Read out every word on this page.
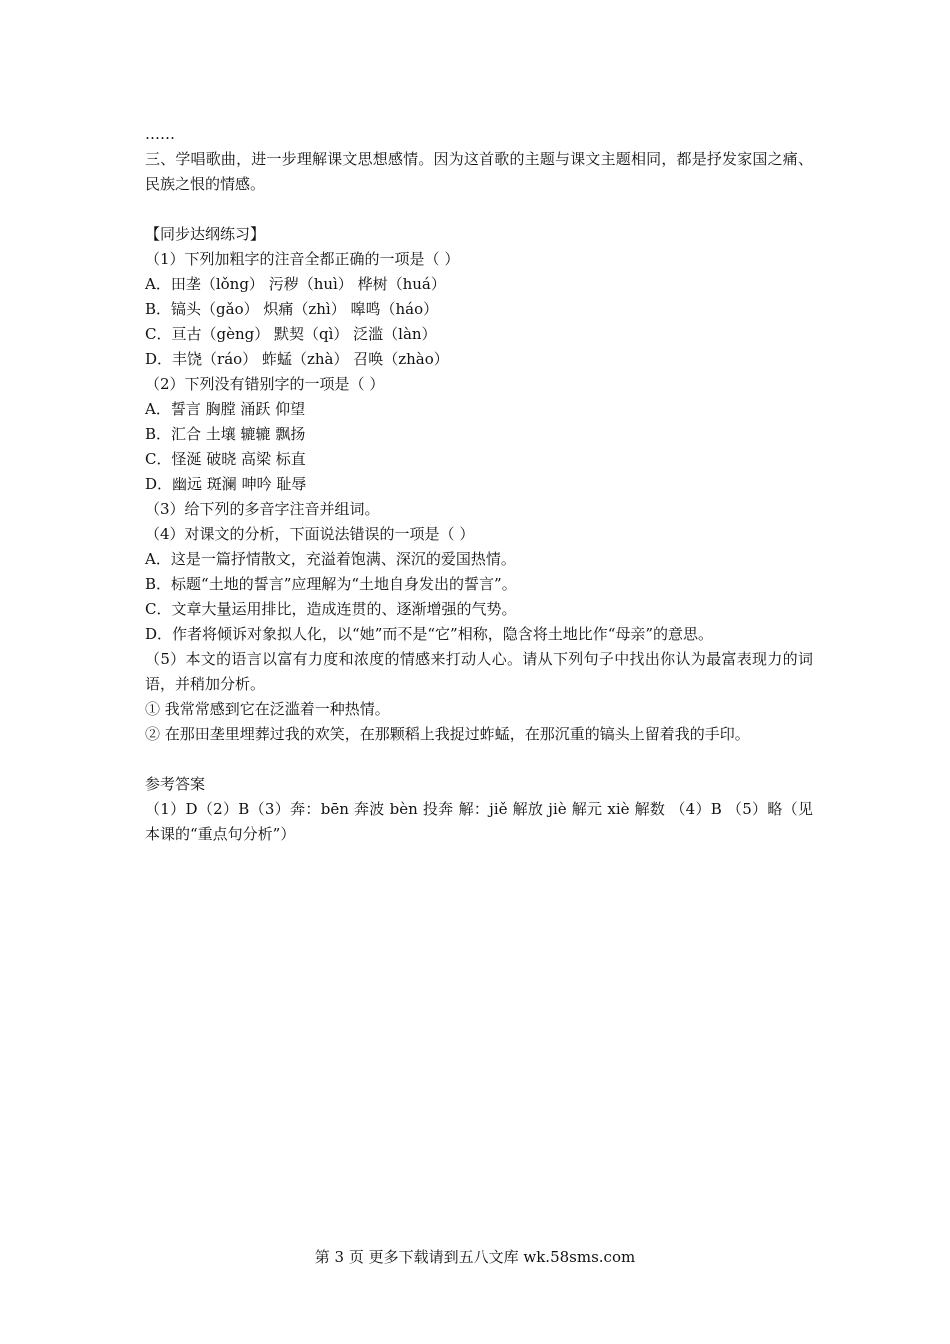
……
三、学唱歌曲，进一步理解课文思想感情。因为这首歌的主题与课文主题相同，都是抒发家国之痛、民族之恨的情感。
【同步达纲练习】
（1）下列加粗字的注音全都正确的一项是（ ）
A．田垄（lǒng） 污秽（huì） 桦树（huá）
B．镐头（gǎo） 炽痛（zhì） 嗥鸣（háo）
C．亘古（gèng） 默契（qì） 泛滥（làn）
D．丰饶（ráo） 蚱蜢（zhà） 召唤（zhào）
（2）下列没有错别字的一项是（ ）
A．誓言 胸膛 涌跃 仰望
B．汇合 土壤 辘辘 飘扬
C．怪涎 破晓 高梁 标直
D．幽远 斑澜 呻吟 耻辱
（3）给下列的多音字注音并组词。
（4）对课文的分析，下面说法错误的一项是（ ）
A．这是一篇抒情散文，充溢着饱满、深沉的爱国热情。
B．标题“土地的誓言”应理解为“土地自身发出的誓言”。
C．文章大量运用排比，造成连贯的、逐渐增强的气势。
D．作者将倾诉对象拟人化，以“她”而不是“它”相称，隐含将土地比作“母亲”的意思。
（5）本文的语言以富有力度和浓度的情感来打动人心。请从下列句子中找出你认为最富表现力的词语，并稍加分析。
① 我常常感到它在泛滥着一种热情。
② 在那田垄里埋葬过我的欢笑，在那颗稻上我捉过蚱蜢，在那沉重的镐头上留着我的手印。
参考答案
（1）D（2）B（3）奔：bēn 奔波 bèn 投奔 解：jiě 解放 jiè 解元 xiè 解数 （4）B （5）略（见本课的“重点句分析”）
第 3 页 更多下载请到五八文库 wk.58sms.com
